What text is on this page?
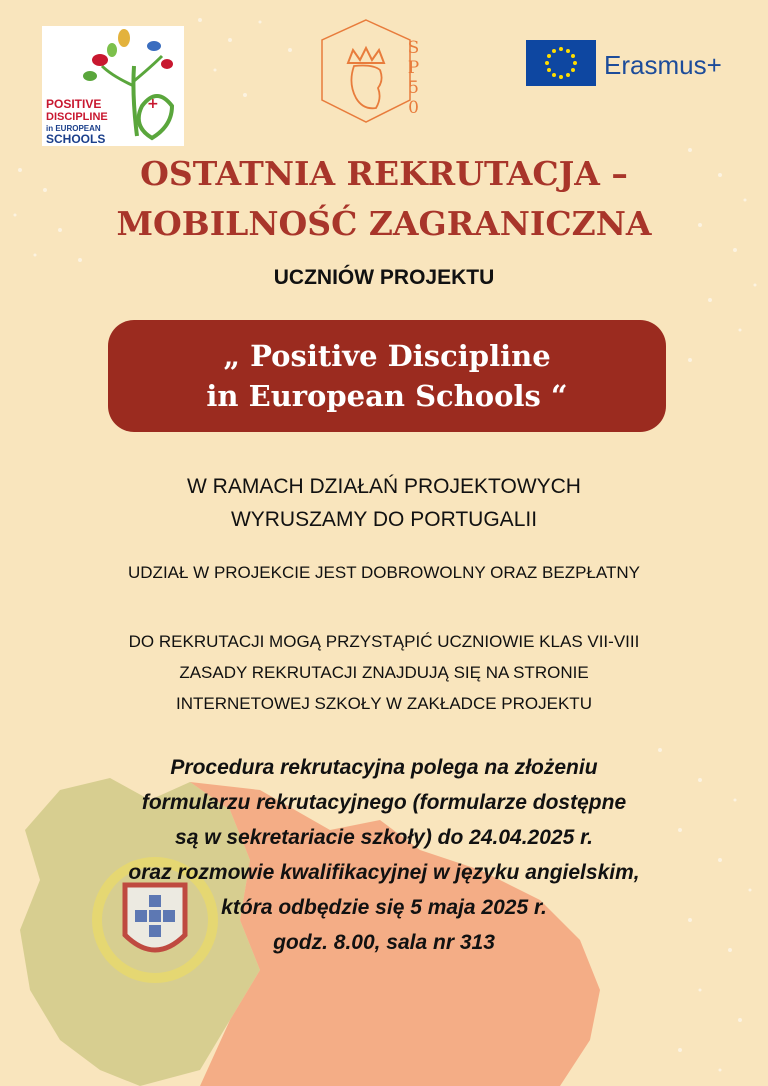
+
POSITIVE
DISCIPLINE
in EUROPEAN
SCHOOLS
S
P
5
0
Erasmus+
OSTATNIA REKRUTACJA –
MOBILNOŚĆ ZAGRANICZNA
UCZNIÓW PROJEKTU
„ Positive Discipline
in European Schools “
W RAMACH DZIAŁAŃ PROJEKTOWYCH
WYRUSZAMY DO PORTUGALII
UDZIAŁ W PROJEKCIE JEST DOBROWOLNY ORAZ BEZPŁATNY
DO REKRUTACJI MOGĄ PRZYSTĄPIĆ UCZNIOWIE KLAS VII-VIII
ZASADY REKRUTACJI ZNAJDUJĄ SIĘ NA STRONIE
INTERNETOWEJ SZKOŁY W ZAKŁADCE PROJEKTU
Procedura rekrutacyjna polega na złożeniu
formularzu rekrutacyjnego (formularze dostępne
są w sekretariacie szkoły) do 24.04.2025 r.
oraz rozmowie kwalifikacyjnej w języku angielskim,
która odbędzie się 5 maja 2025 r.
godz. 8.00, sala nr 313
